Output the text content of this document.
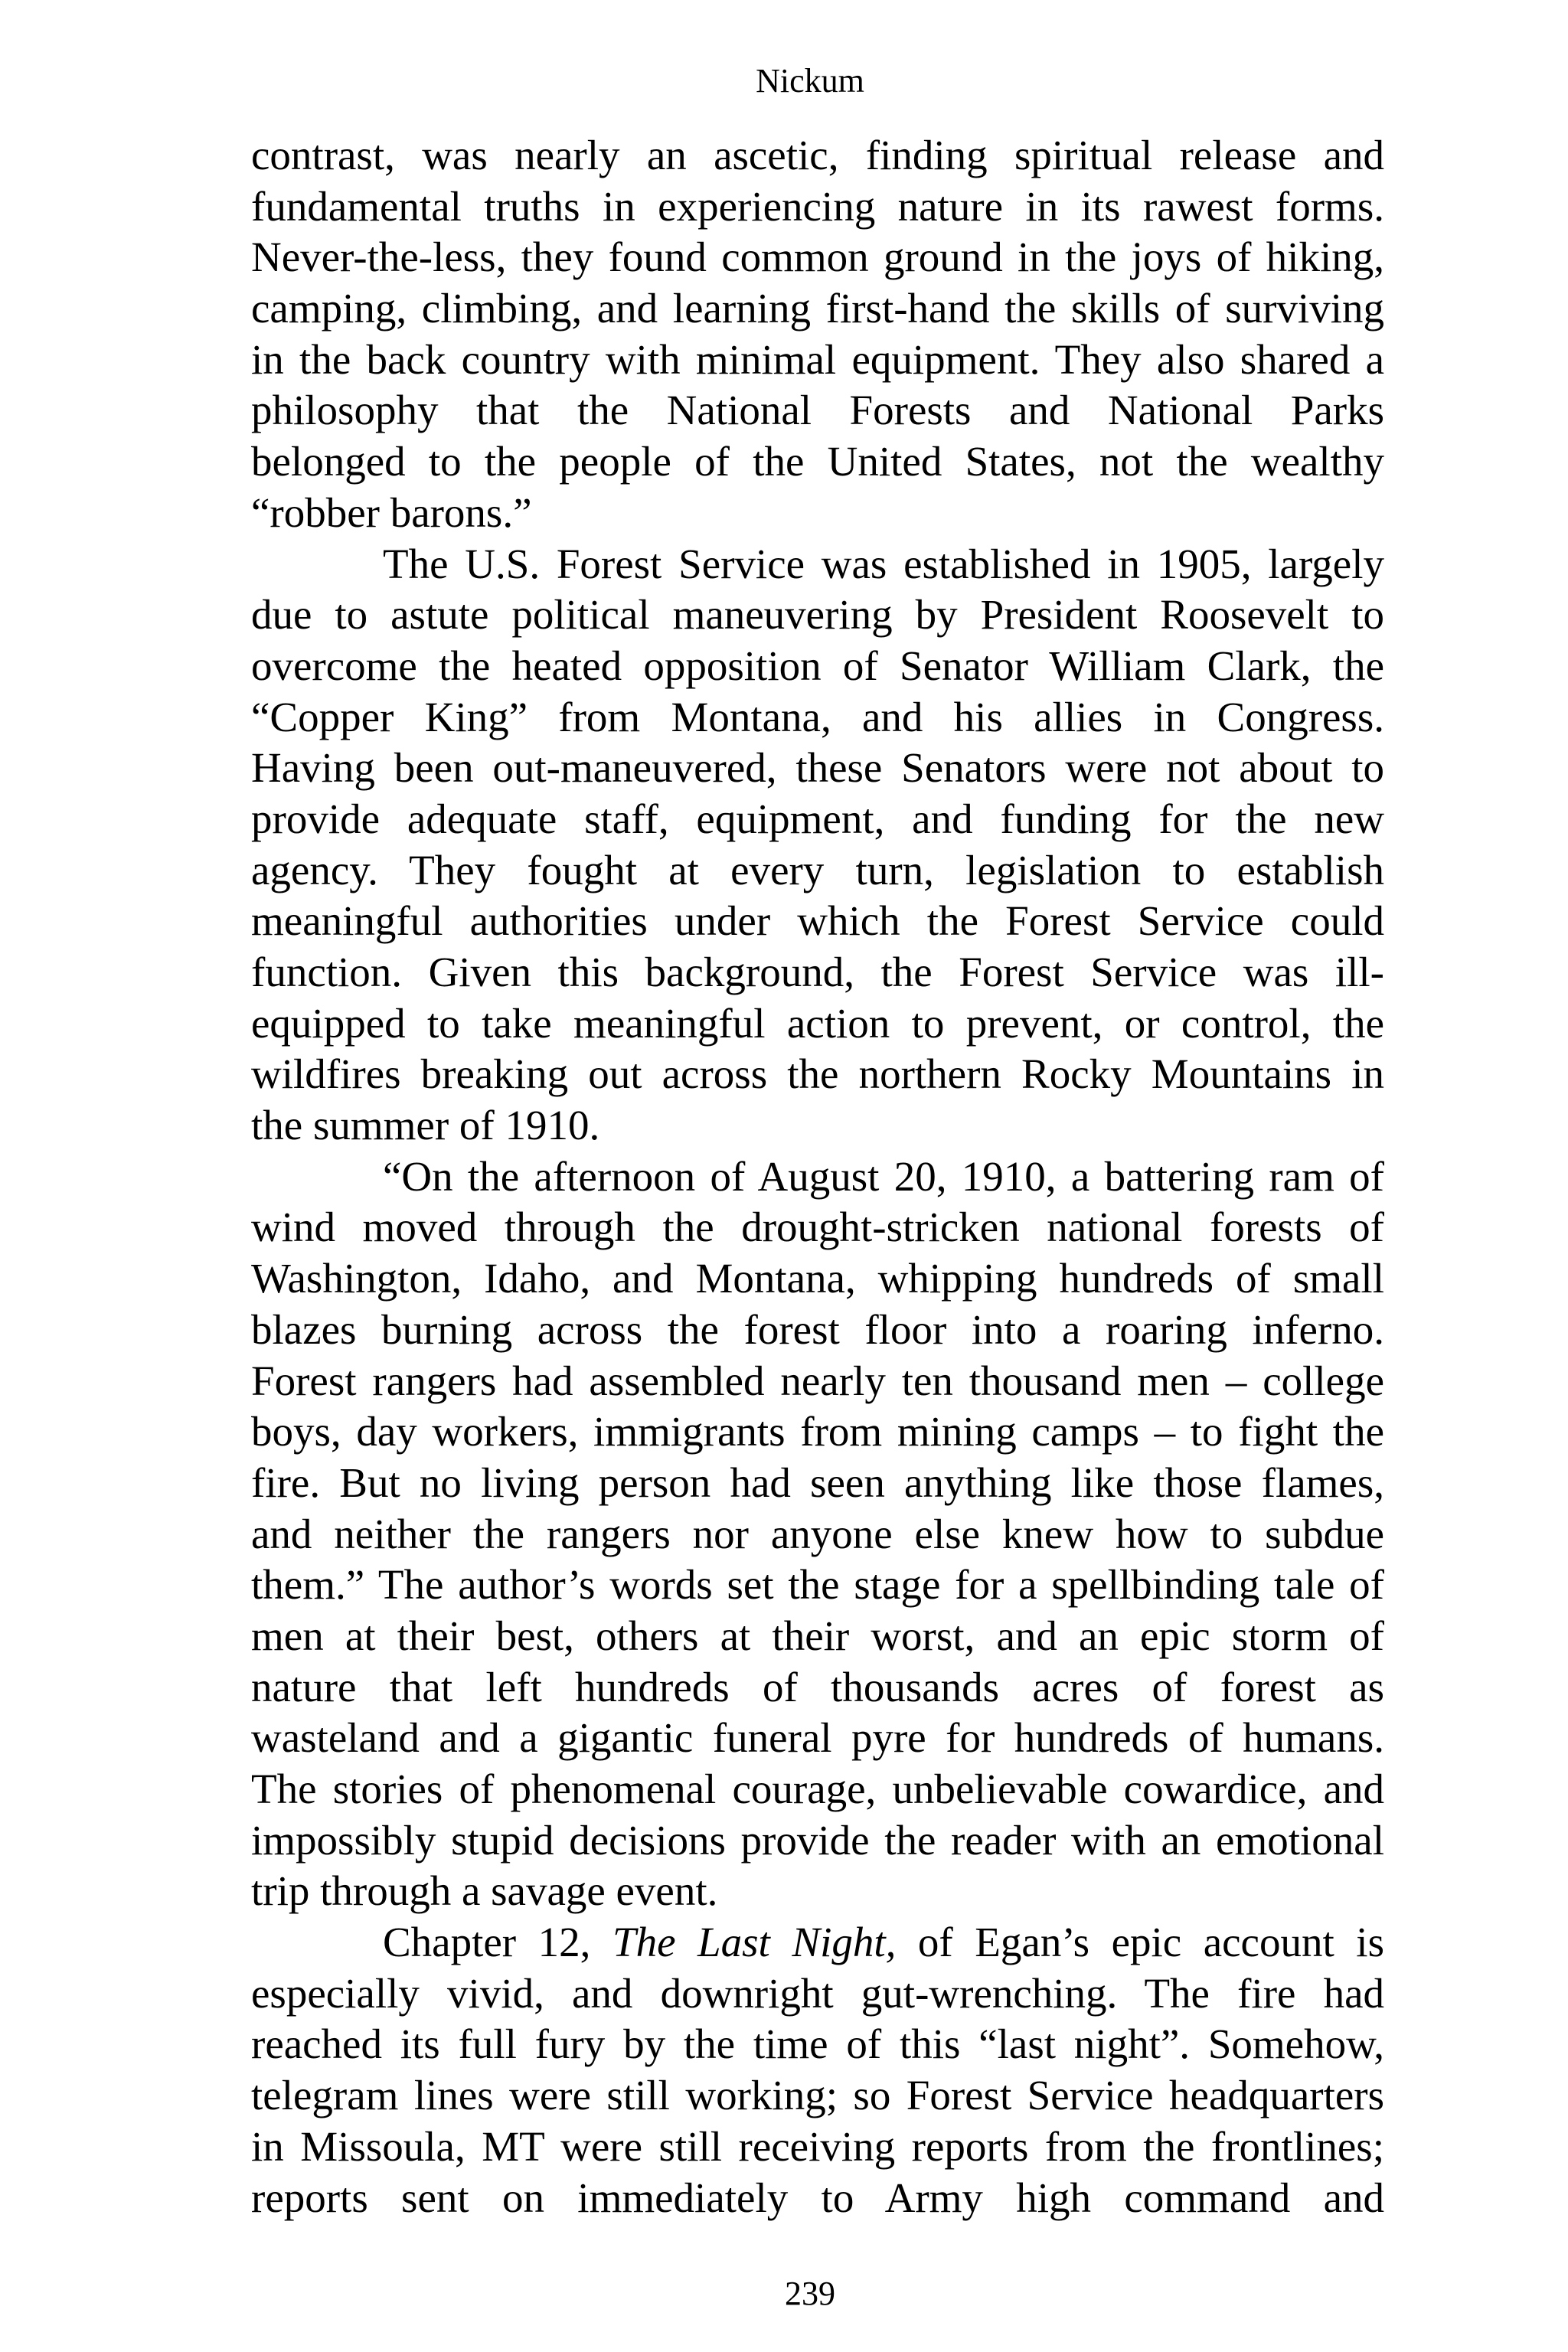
Nickum
contrast, was nearly an ascetic, finding spiritual release and
fundamental truths in experiencing nature in its rawest forms.
Never-the-less, they found common ground in the joys of hiking,
camping, climbing, and learning first-hand the skills of surviving
in the back country with minimal equipment. They also shared a
philosophy that the National Forests and National Parks
belonged to the people of the United States, not the wealthy
“robber barons.”
The U.S. Forest Service was established in 1905, largely
due to astute political maneuvering by President Roosevelt to
overcome the heated opposition of Senator William Clark, the
“Copper King” from Montana, and his allies in Congress.
Having been out-maneuvered, these Senators were not about to
provide adequate staff, equipment, and funding for the new
agency. They fought at every turn, legislation to establish
meaningful authorities under which the Forest Service could
function. Given this background, the Forest Service was ill-
equipped to take meaningful action to prevent, or control, the
wildfires breaking out across the northern Rocky Mountains in
the summer of 1910.
“On the afternoon of August 20, 1910, a battering ram of
wind moved through the drought-stricken national forests of
Washington, Idaho, and Montana, whipping hundreds of small
blazes burning across the forest floor into a roaring inferno.
Forest rangers had assembled nearly ten thousand men – college
boys, day workers, immigrants from mining camps – to fight the
fire. But no living person had seen anything like those flames,
and neither the rangers nor anyone else knew how to subdue
them.” The author’s words set the stage for a spellbinding tale of
men at their best, others at their worst, and an epic storm of
nature that left hundreds of thousands acres of forest as
wasteland and a gigantic funeral pyre for hundreds of humans.
The stories of phenomenal courage, unbelievable cowardice, and
impossibly stupid decisions provide the reader with an emotional
trip through a savage event.
Chapter 12, The Last Night, of Egan’s epic account is
especially vivid, and downright gut-wrenching. The fire had
reached its full fury by the time of this “last night”. Somehow,
telegram lines were still working; so Forest Service headquarters
in Missoula, MT were still receiving reports from the frontlines;
reports sent on immediately to Army high command and
239
